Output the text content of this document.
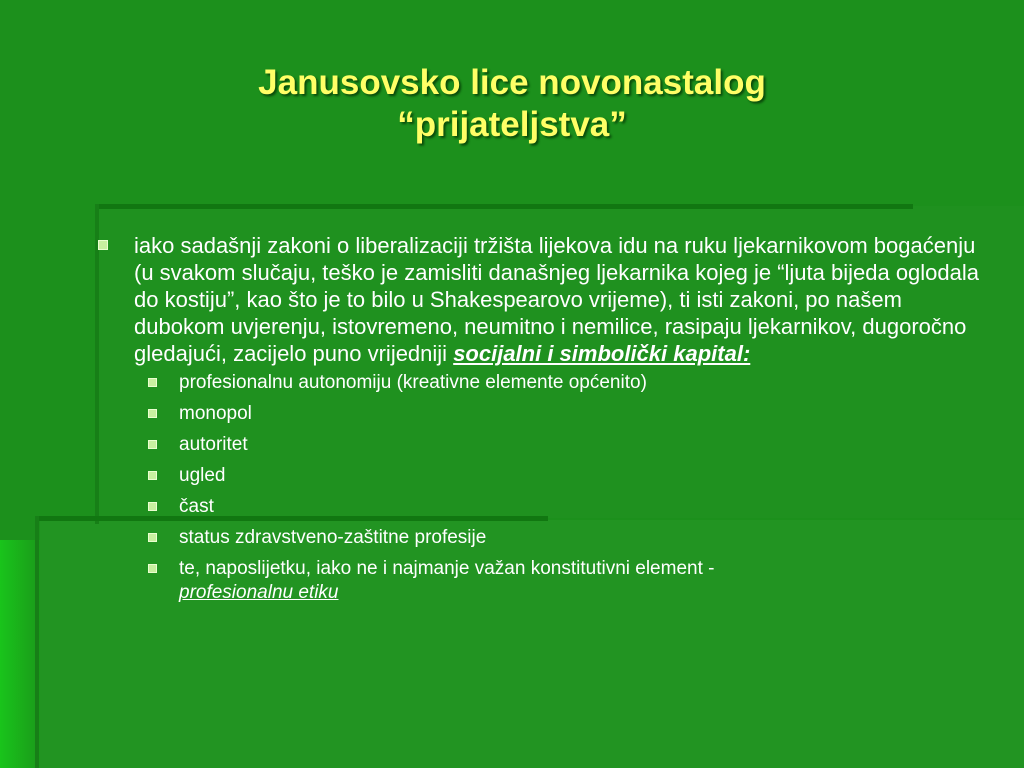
Janusovsko lice novonastalog
“prijateljstva”
iako sadašnji zakoni o liberalizaciji tržišta lijekova idu na ruku ljekarnikovom bogaćenju (u svakom slučaju, teško je zamisliti današnjeg ljekarnika kojeg je “ljuta bijeda oglodala do kostiju”, kao što je to bilo u Shakespearovo vrijeme), ti isti zakoni, po našem dubokom uvjerenju, istovremeno, neumitno i nemilice, rasipaju ljekarnikov, dugoročno gledajući, zacijelo puno vrijedniji socijalni i simbolički kapital:
profesionalnu autonomiju (kreativne elemente općenito)
monopol
autoritet
ugled
čast
status zdravstveno-zaštitne profesije
te, naposlijetku, iako ne i najmanje važan konstitutivni element -
profesionalnu etiku
